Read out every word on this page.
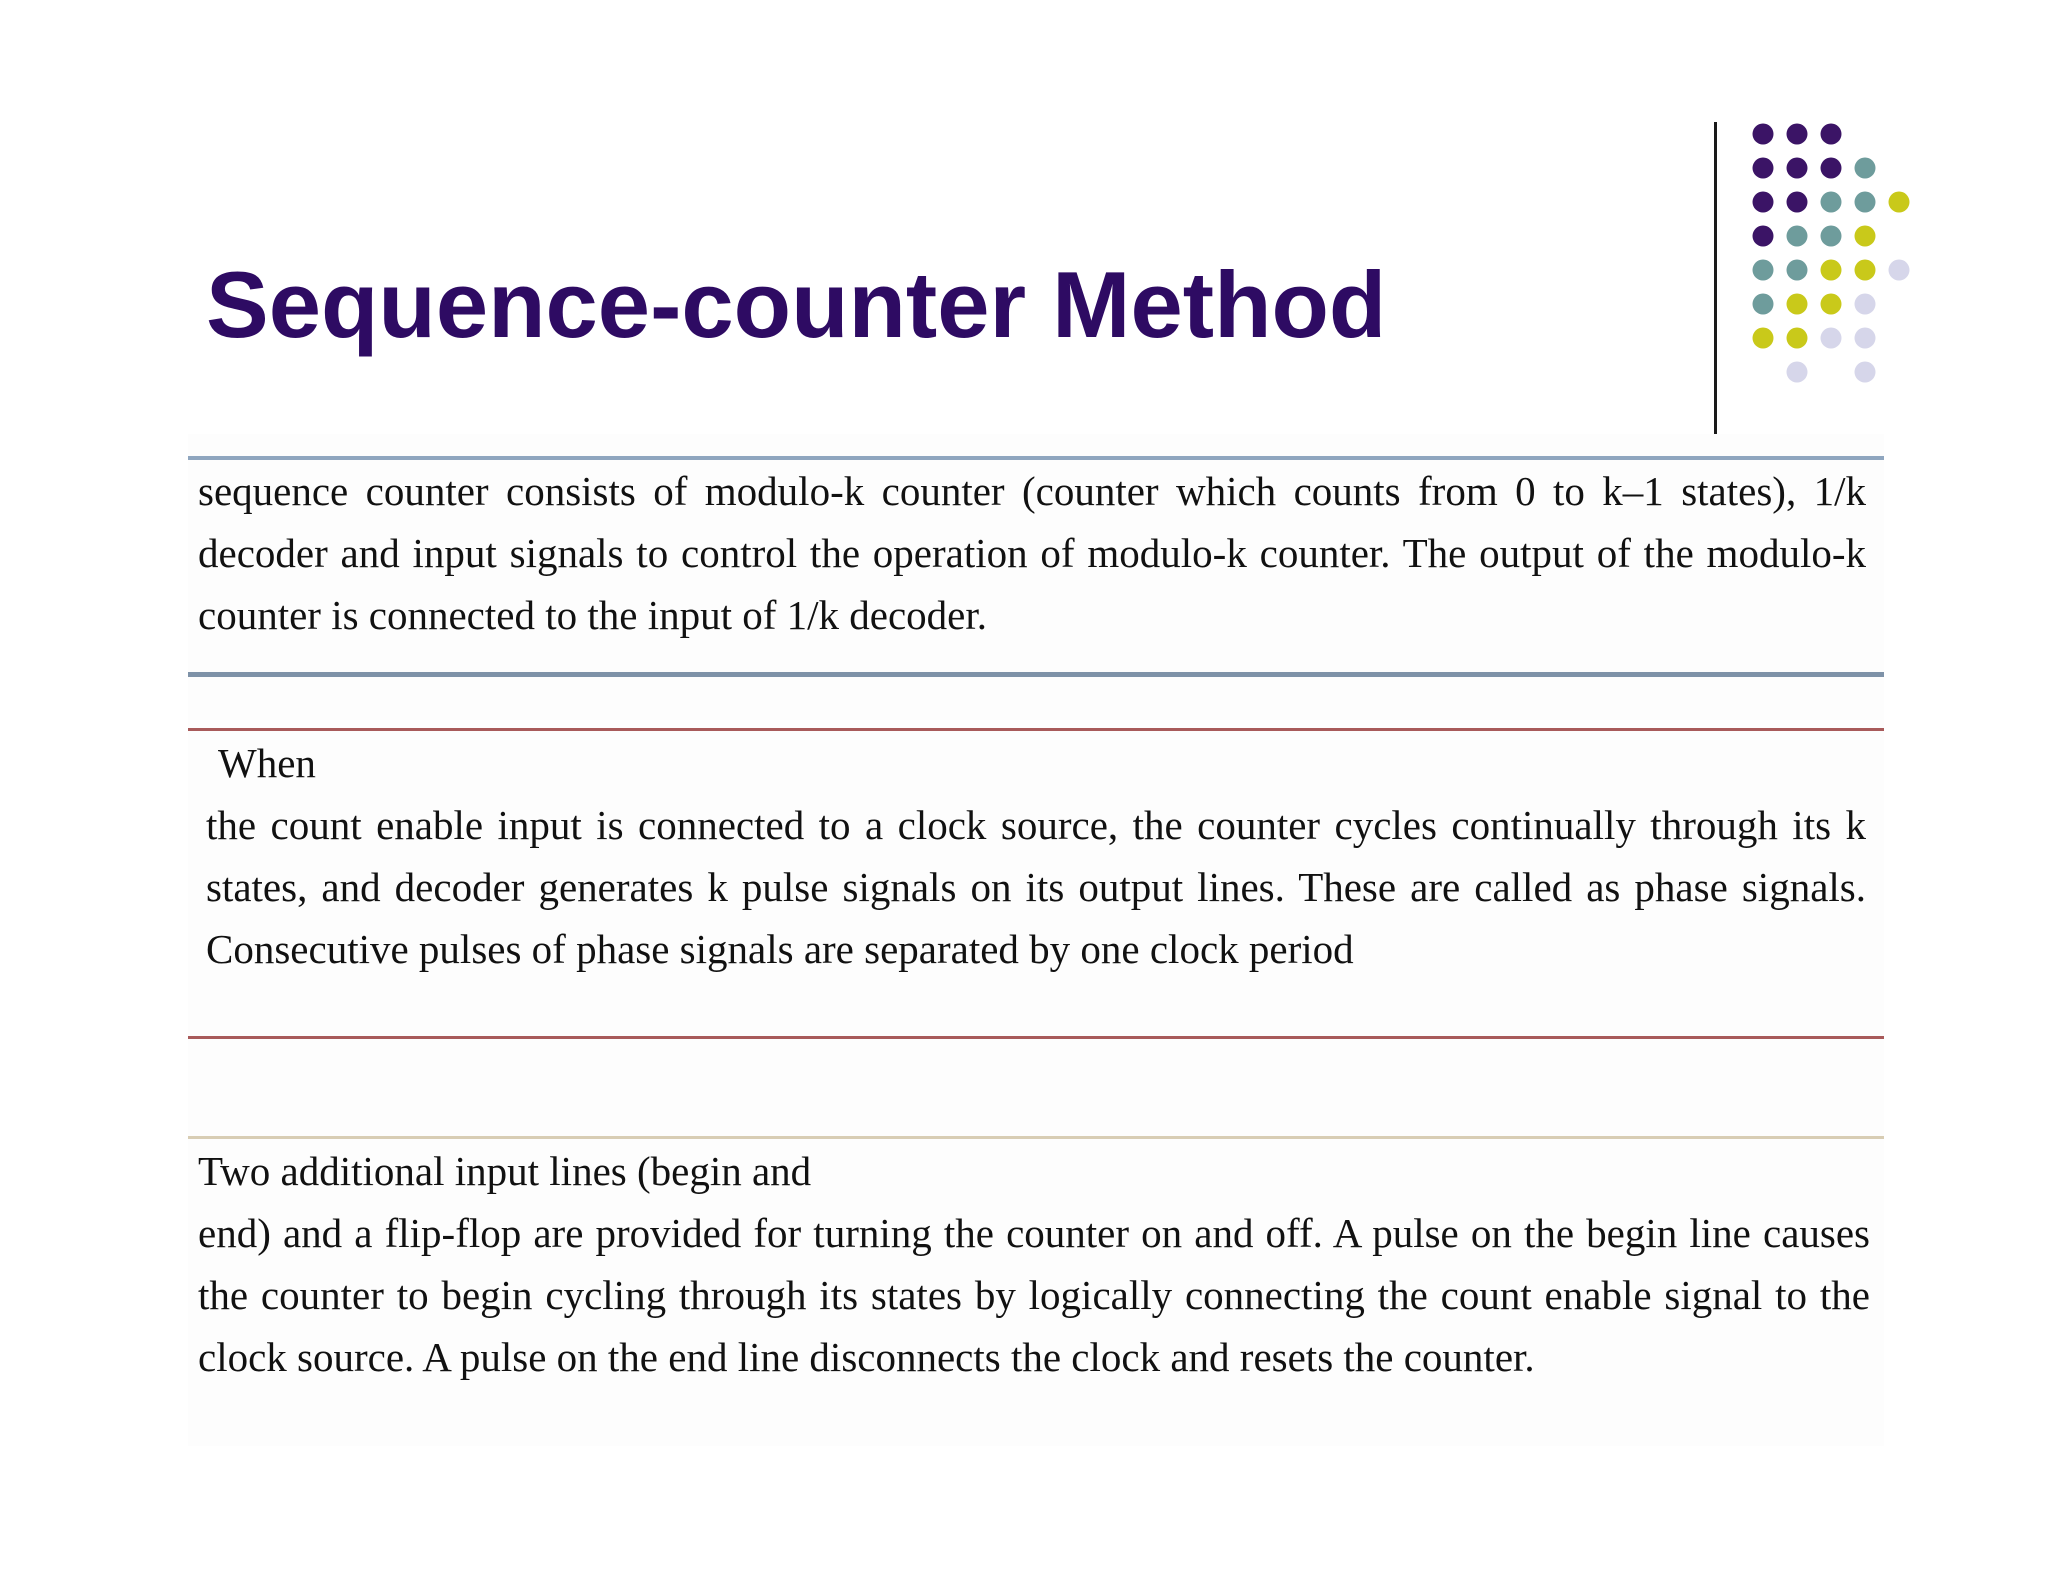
Sequence-counter Method

sequence counter consists of modulo-k counter (counter which counts from 0 to k–1 states), 1/k decoder and input signals to control the operation of modulo-k counter. The output of the modulo-k counter is connected to the input of 1/k decoder.

When
the count enable input is connected to a clock source, the counter cycles continually through its k states, and decoder generates k pulse signals on its output lines. These are called as phase signals. Consecutive pulses of phase signals are separated by one clock period

Two additional input lines (begin and
end) and a flip-flop are provided for turning the counter on and off. A pulse on the begin line causes the counter to begin cycling through its states by logically connecting the count enable signal to the clock source. A pulse on the end line disconnects the clock and resets the counter.
